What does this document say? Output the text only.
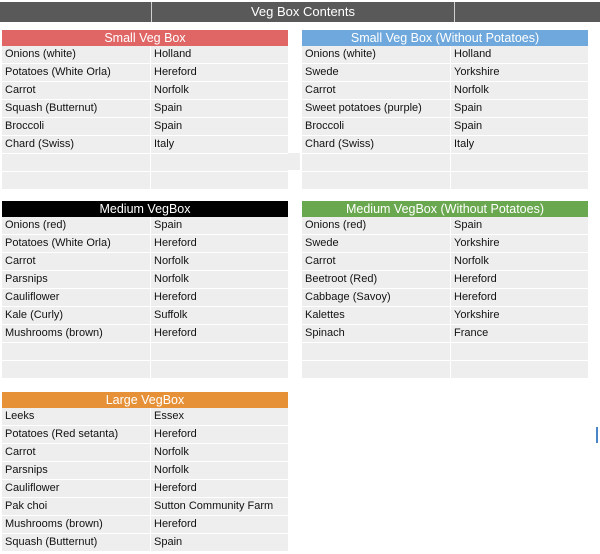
Veg Box Contents
Small Veg Box
Onions (white)	Holland
Potatoes (White Orla)	Hereford
Carrot	Norfolk
Squash (Butternut)	Spain
Broccoli	Spain
Chard (Swiss)	Italy
Small Veg Box (Without Potatoes)
Onions (white)	Holland
Swede	Yorkshire
Carrot	Norfolk
Sweet potatoes (purple)	Spain
Broccoli	Spain
Chard (Swiss)	Italy
Medium VegBox
Onions (red)	Spain
Potatoes (White Orla)	Hereford
Carrot	Norfolk
Parsnips	Norfolk
Cauliflower	Hereford
Kale (Curly)	Suffolk
Mushrooms (brown)	Hereford
Medium VegBox (Without Potatoes)
Onions (red)	Spain
Swede	Yorkshire
Carrot	Norfolk
Beetroot (Red)	Hereford
Cabbage (Savoy)	Hereford
Kalettes	Yorkshire
Spinach	France
Large VegBox
Leeks	Essex
Potatoes (Red setanta)	Hereford
Carrot	Norfolk
Parsnips	Norfolk
Cauliflower	Hereford
Pak choi	Sutton Community Farm
Mushrooms (brown)	Hereford
Squash (Butternut)	Spain
